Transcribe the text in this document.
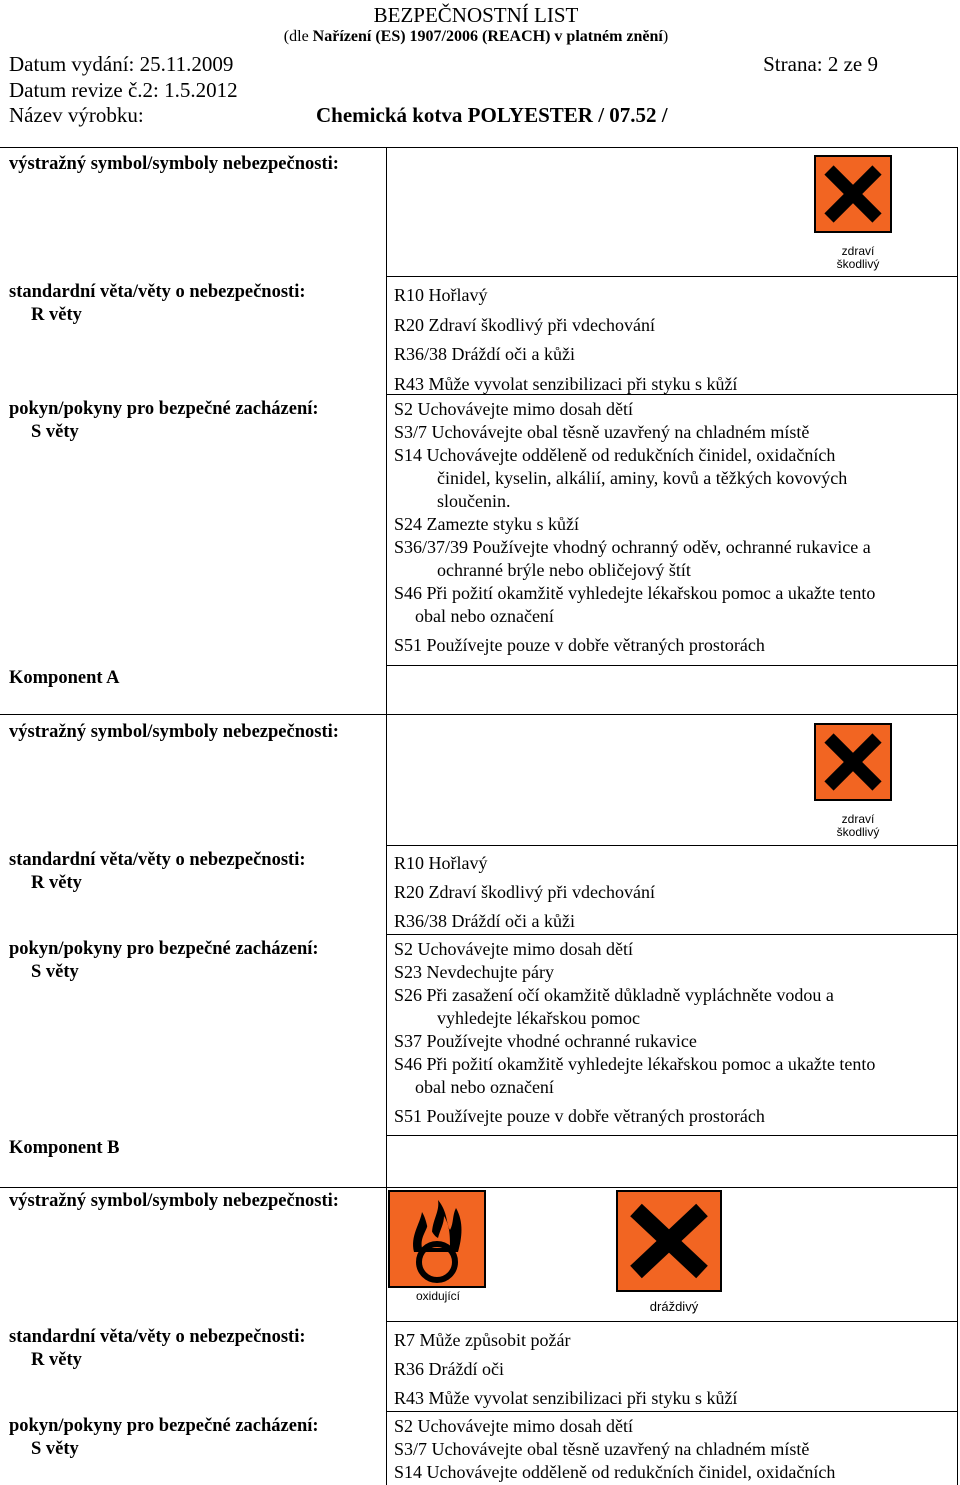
BEZPEČNOSTNÍ LIST
(dle Nařízení (ES) 1907/2006 (REACH) v platném znění)
Datum vydání: 25.11.2009	Strana: 2 ze 9
Datum revize č.2: 1.5.2012
Název výrobku:	Chemická kotva POLYESTER / 07.52 /
výstražný symbol/symboly nebezpečnosti:
zdraví
škodlivý
standardní věta/věty o nebezpečnosti:
R věty
R10 Hořlavý
R20 Zdraví škodlivý při vdechování
R36/38 Dráždí oči a kůži
R43 Může vyvolat senzibilizaci při styku s kůží
pokyn/pokyny pro bezpečné zacházení:
S věty
S2 Uchovávejte mimo dosah dětí
S3/7 Uchovávejte obal těsně uzavřený na chladném místě
S14 Uchovávejte odděleně od redukčních činidel, oxidačních
činidel, kyselin, alkálií, aminy, kovů a těžkých kovových
sloučenin.
S24 Zamezte styku s kůží
S36/37/39 Používejte vhodný ochranný oděv, ochranné rukavice a
ochranné brýle nebo obličejový štít
S46 Při požití okamžitě vyhledejte lékařskou pomoc a ukažte tento
obal nebo označení
S51 Používejte pouze v dobře větraných prostorách
Komponent A
výstražný symbol/symboly nebezpečnosti:
zdraví
škodlivý
standardní věta/věty o nebezpečnosti:
R věty
R10 Hořlavý
R20 Zdraví škodlivý při vdechování
R36/38 Dráždí oči a kůži
pokyn/pokyny pro bezpečné zacházení:
S věty
S2 Uchovávejte mimo dosah dětí
S23 Nevdechujte páry
S26 Při zasažení očí okamžitě důkladně vypláchněte vodou a
vyhledejte lékařskou pomoc
S37 Používejte vhodné ochranné rukavice
S46 Při požití okamžitě vyhledejte lékařskou pomoc a ukažte tento
obal nebo označení
S51 Používejte pouze v dobře větraných prostorách
Komponent B
výstražný symbol/symboly nebezpečnosti:
oxidující
dráždivý
standardní věta/věty o nebezpečnosti:
R věty
R7 Může způsobit požár
R36 Dráždí oči
R43 Může vyvolat senzibilizaci při styku s kůží
pokyn/pokyny pro bezpečné zacházení:
S věty
S2 Uchovávejte mimo dosah dětí
S3/7 Uchovávejte obal těsně uzavřený na chladném místě
S14 Uchovávejte odděleně od redukčních činidel, oxidačních
